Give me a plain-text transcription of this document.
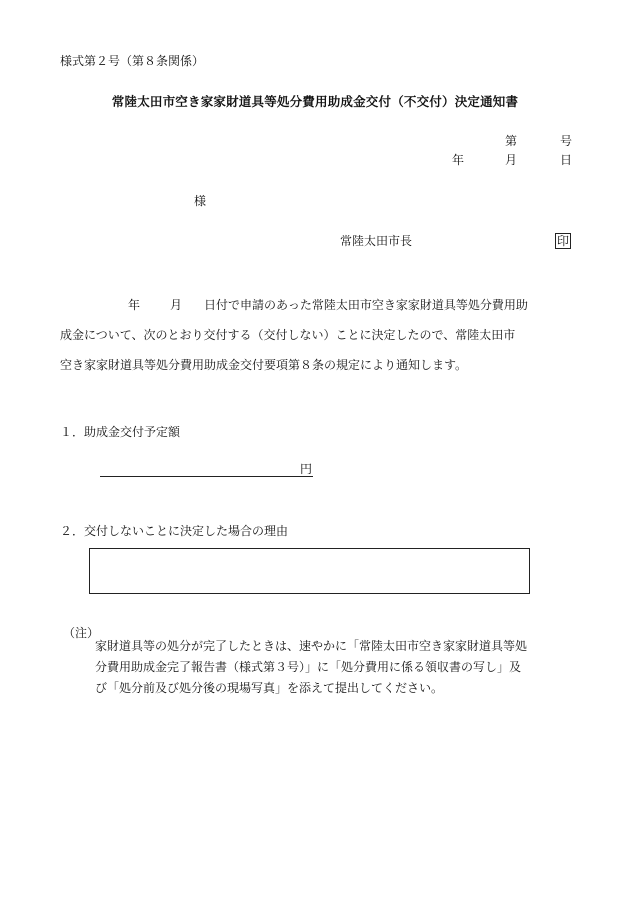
様式第２号（第８条関係）
常陸太田市空き家家財道具等処分費用助成金交付（不交付）決定通知書
第	号
年	月	日
様
常陸太田市長	印
年	月 日付で申請のあった常陸太田市空き家家財道具等処分費用助
成金について、次のとおり交付する（交付しない）ことに決定したので、常陸太田市
空き家家財道具等処分費用助成金交付要項第８条の規定により通知します。
１．助成金交付予定額
円
２．交付しないことに決定した場合の理由
（注）
家財道具等の処分が完了したときは、速やかに「常陸太田市空き家家財道具等処
分費用助成金完了報告書（様式第３号）」に「処分費用に係る領収書の写し」及
び「処分前及び処分後の現場写真」を添えて提出してください。
